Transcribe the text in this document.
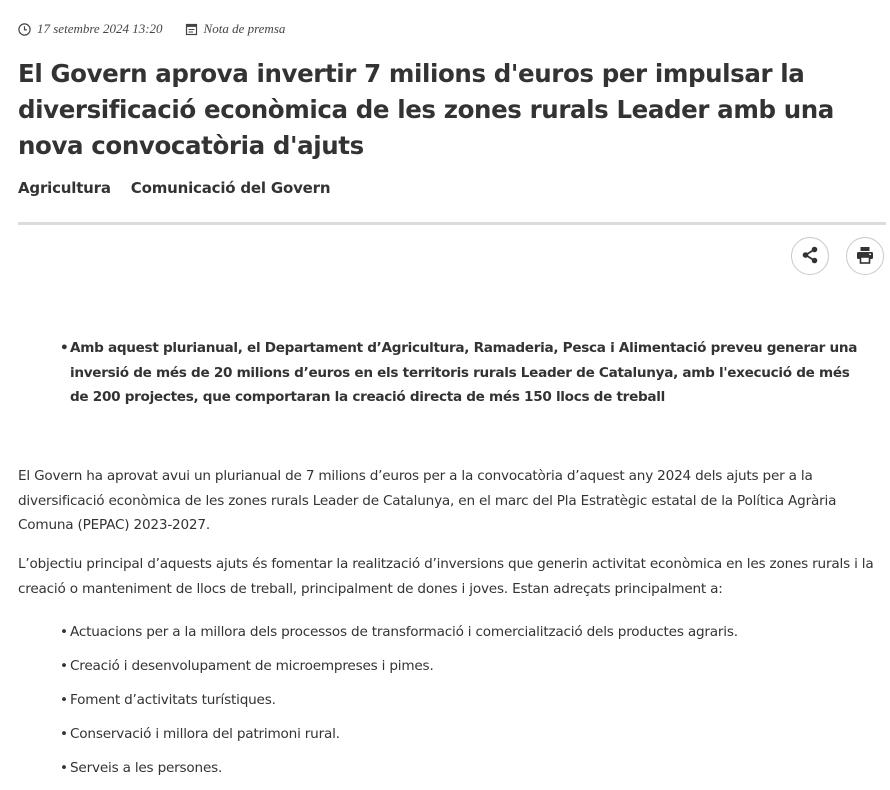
17 setembre 2024 13:20	Nota de premsa
El Govern aprova invertir 7 milions d'euros per impulsar la diversificació econòmica de les zones rurals Leader amb una nova convocatòria d'ajuts
Agricultura Comunicació del Govern
• Amb aquest plurianual, el Departament d’Agricultura, Ramaderia, Pesca i Alimentació preveu generar una inversió de més de 20 milions d’euros en els territoris rurals Leader de Catalunya, amb l'execució de més de 200 projectes, que comportaran la creació directa de més 150 llocs de treball

El Govern ha aprovat avui un plurianual de 7 milions d’euros per a la convocatòria d’aquest any 2024 dels ajuts per a la diversificació econòmica de les zones rurals Leader de Catalunya, en el marc del Pla Estratègic estatal de la Política Agrària Comuna (PEPAC) 2023-2027.

L’objectiu principal d’aquests ajuts és fomentar la realització d’inversions que generin activitat econòmica en les zones rurals i la creació o manteniment de llocs de treball, principalment de dones i joves. Estan adreçats principalment a:

• Actuacions per a la millora dels processos de transformació i comercialització dels productes agraris.
• Creació i desenvolupament de microempreses i pimes.
• Foment d’activitats turístiques.
• Conservació i millora del patrimoni rural.
• Serveis a les persones.
